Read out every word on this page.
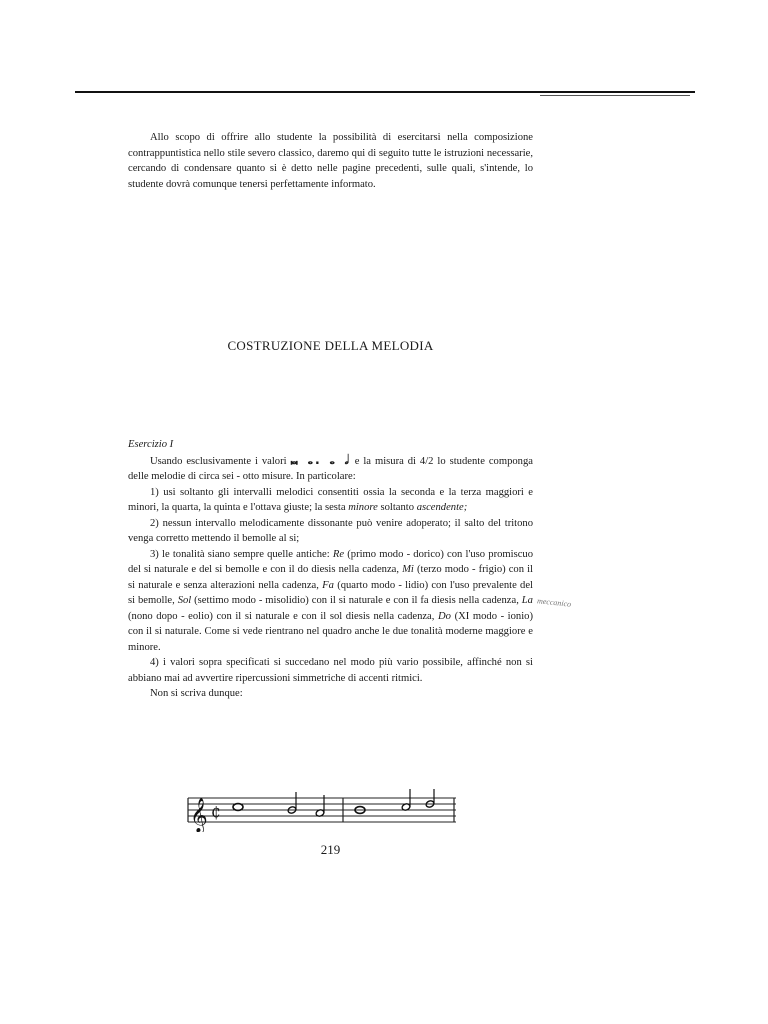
Allo scopo di offrire allo studente la possibilità di esercitarsi nella composizione contrappuntistica nello stile severo classico, daremo qui di seguito tutte le istruzioni necessarie, cercando di condensare quanto si è detto nelle pagine precedenti, sulle quali, s'intende, lo studente dovrà comunque tenersi perfettamente informato.

COSTRUZIONE DELLA MELODIA

Esercizio I

Usando esclusivamente i valori 𝅜 𝅝. 𝅝 𝅗𝅥 e la misura di 4/2 lo studente componga delle melodie di circa sei - otto misure. In particolare:

1) usi soltanto gli intervalli melodici consentiti ossia la seconda e la terza maggiori e minori, la quarta, la quinta e l'ottava giuste; la sesta minore soltanto ascendente;

2) nessun intervallo melodicamente dissonante può venire adoperato; il salto del tritono venga corretto mettendo il bemolle al si;

3) le tonalità siano sempre quelle antiche: Re (primo modo - dorico) con l'uso promiscuo del si naturale e del si bemolle e con il do diesis nella cadenza, Mi (terzo modo - frigio) con il si naturale e senza alterazioni nella cadenza, Fa (quarto modo - lidio) con l'uso prevalente del si bemolle, Sol (settimo modo - misolidio) con il si naturale e con il fa diesis nella cadenza, La (nono dopo - eolio) con il si naturale e con il sol diesis nella cadenza, Do (XI modo - ionio) con il si naturale. Come si vede rientrano nel quadro anche le due tonalità moderne maggiore e minore.

4) i valori sopra specificati si succedano nel modo più vario possibile, affinché non si abbiano mai ad avvertire ripercussioni simmetriche di accenti ritmici.

Non si scriva dunque:

meccanico
𝄞 ₵
219
